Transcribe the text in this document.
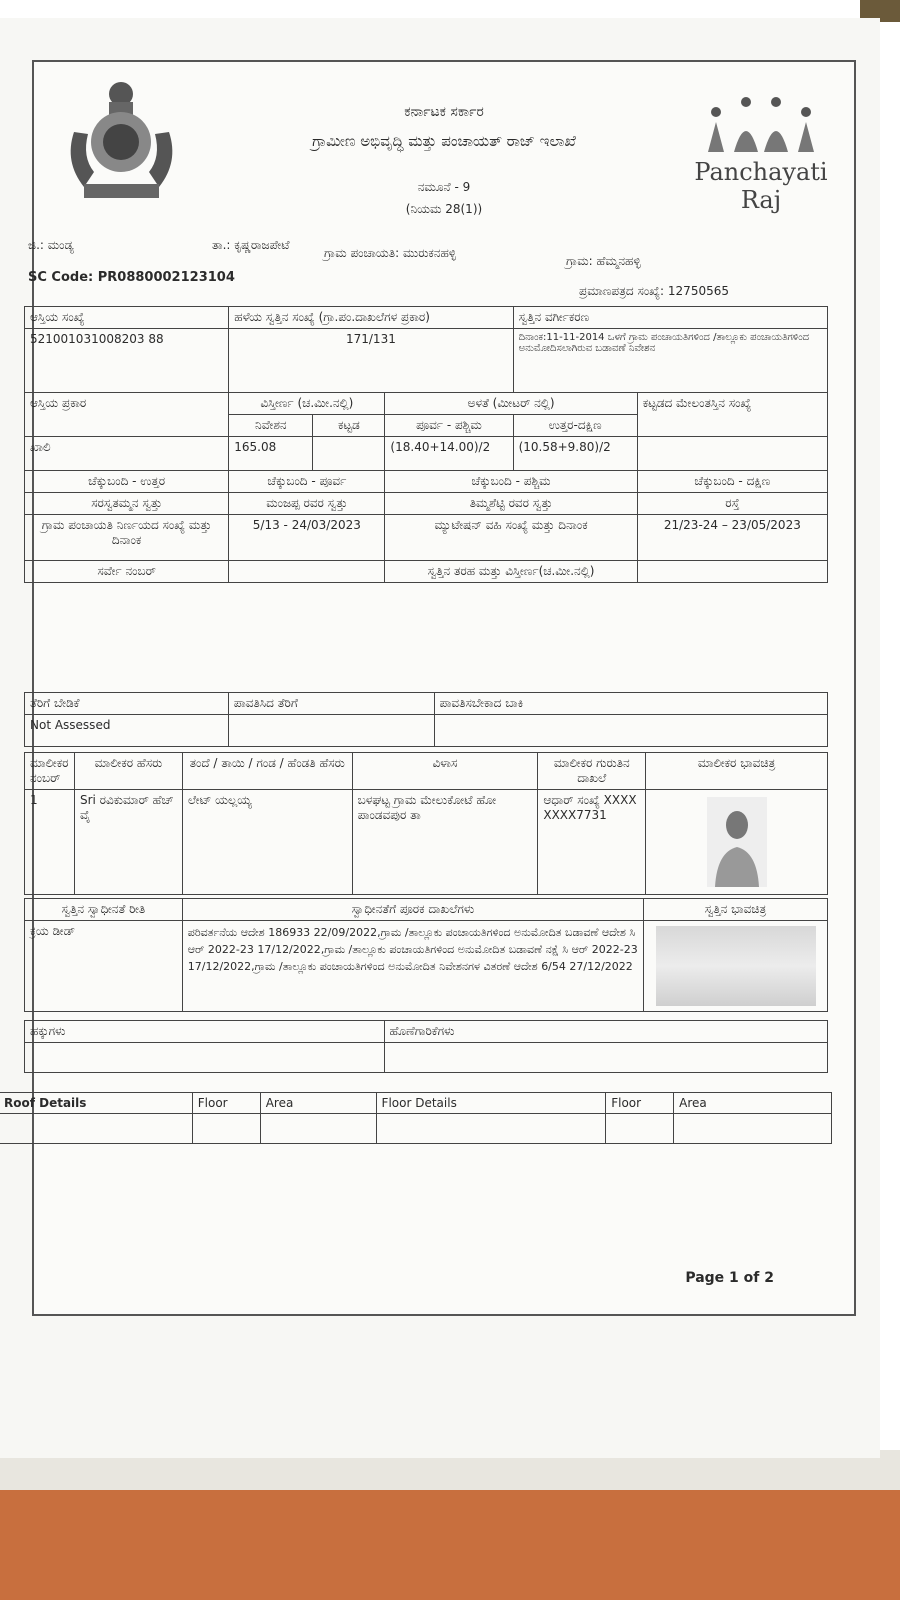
ಕರ್ನಾಟಕ ಸರ್ಕಾರ
ಗ್ರಾಮೀಣ ಅಭಿವೃದ್ಧಿ ಮತ್ತು ಪಂಚಾಯತ್ ರಾಜ್ ಇಲಾಖೆ
ನಮೂನೆ - 9
(ನಿಯಮ 28(1))
Panchayati Raj
ಜಿ.: ಮಂಡ್ಯ	ತಾ.: ಕೃಷ್ಣರಾಜಪೇಟೆ
ಗ್ರಾಮ ಪಂಚಾಯತಿ: ಮುರುಕನಹಳ್ಳಿ
ಗ್ರಾಮ: ಹೆಮ್ಮನಹಳ್ಳಿ
SC Code: PR0880002123104
ಪ್ರಮಾಣಪತ್ರದ ಸಂಖ್ಯೆ: 12750565
ಆಸ್ತಿಯ ಸಂಖ್ಯೆ	ಹಳೆಯ ಸ್ವತ್ತಿನ ಸಂಖ್ಯೆ (ಗ್ರಾ.ಪಂ.ದಾಖಲೆಗಳ ಪ್ರಕಾರ)			ಸ್ವತ್ತಿನ ವರ್ಗೀಕರಣ	
521001031008203 88	171/131			ದಿನಾಂಕ:11-11-2014 ಒಳಗೆ ಗ್ರಾಮ ಪಂಚಾಯತಿಗಳಿಂದ /ತಾಲ್ಲೂಕು ಪಂಚಾಯತಿಗಳಿಂದ ಅನುಮೋದಿಸಲಾಗಿರುವ ಬಡಾವಣೆ ನಿವೇಶನ	
ಆಸ್ತಿಯ ಪ್ರಕಾರ	ವಿಸ್ತೀರ್ಣ (ಚ.ಮೀ.ನಲ್ಲಿ)		ಅಳತೆ (ಮೀಟರ್ ನಲ್ಲಿ)		ಕಟ್ಟಡದ ಮೇಲಂತಸ್ತಿನ ಸಂಖ್ಯೆ
	ನಿವೇಶನ	ಕಟ್ಟಡ	ಪೂರ್ವ - ಪಶ್ಚಿಮ	ಉತ್ತರ-ದಕ್ಷಿಣ	
ಖಾಲಿ	165.08		(18.40+14.00)/2	(10.58+9.80)/2	
ಚೆಕ್ಕುಬಂದಿ - ಉತ್ತರ	ಚೆಕ್ಕುಬಂದಿ - ಪೂರ್ವ		ಚೆಕ್ಕುಬಂದಿ - ಪಶ್ಚಿಮ		ಚೆಕ್ಕುಬಂದಿ - ದಕ್ಷಿಣ
ಸರಸ್ವತಮ್ಮನ ಸ್ವತ್ತು	ಮಂಜಪ್ಪ ರವರ ಸ್ವತ್ತು		ತಿಮ್ಮಶೆಟ್ಟಿ ರವರ ಸ್ವತ್ತು		ರಸ್ತೆ
ಗ್ರಾಮ ಪಂಚಾಯತಿ ನಿರ್ಣಯದ ಸಂಖ್ಯೆ ಮತ್ತು ದಿನಾಂಕ	5/13 - 24/03/2023		ಮ್ಯುಟೇಷನ್ ವಹಿ ಸಂಖ್ಯೆ ಮತ್ತು ದಿನಾಂಕ		21/23-24 – 23/05/2023
ಸರ್ವೇ ನಂಬರ್			ಸ್ವತ್ತಿನ ತರಹ ಮತ್ತು ವಿಸ್ತೀರ್ಣ(ಚ.ಮೀ.ನಲ್ಲಿ)		
ತೆರಿಗೆ ಬೇಡಿಕೆ	ಪಾವತಿಸಿದ ತೆರಿಗೆ	ಪಾವತಿಸಬೇಕಾದ ಬಾಕಿ
Not Assessed		
ಮಾಲೀಕರ ನಂಬರ್	ಮಾಲೀಕರ ಹೆಸರು	ತಂದೆ / ತಾಯಿ / ಗಂಡ / ಹೆಂಡತಿ ಹೆಸರು	ವಿಳಾಸ	ಮಾಲೀಕರ ಗುರುತಿನ ದಾಖಲೆ	ಮಾಲೀಕರ ಭಾವಚಿತ್ರ
1	Sri ರವಿಕುಮಾರ್ ಹೆಚ್ ವೈ	ಲೇಟ್ ಯಲ್ಲಯ್ಯ	ಬಳಘಟ್ಟ ಗ್ರಾಮ ಮೇಲುಕೋಟೆ ಹೋ ಪಾಂಡವಪುರ ತಾ	ಆಧಾರ್ ಸಂಖ್ಯೆ XXXXXXXX7731	
ಸ್ವತ್ತಿನ ಸ್ವಾಧೀನತೆ ರೀತಿ	ಸ್ವಾಧೀನತೆಗೆ ಪೂರಕ ದಾಖಲೆಗಳು	ಸ್ವತ್ತಿನ ಭಾವಚಿತ್ರ
ಕ್ರಯ ಡೀಡ್	ಪರಿವರ್ತನೆಯ ಆದೇಶ 186933 22/09/2022,ಗ್ರಾಮ /ತಾಲ್ಲೂಕು ಪಂಚಾಯತಿಗಳಿಂದ ಅನುಮೋದಿತ ಬಡಾವಣೆ ಆದೇಶ ಸಿ ಆರ್ 2022-23 17/12/2022,ಗ್ರಾಮ /ತಾಲ್ಲೂಕು ಪಂಚಾಯತಿಗಳಿಂದ ಅನುಮೋದಿತ ಬಡಾವಣೆ ನಕ್ಷೆ ಸಿ ಆರ್ 2022-23 17/12/2022,ಗ್ರಾಮ /ತಾಲ್ಲೂಕು ಪಂಚಾಯತಿಗಳಿಂದ ಅನುಮೋದಿತ ನಿವೇಶನಗಳ ವಿತರಣೆ ಆದೇಶ 6/54 27/12/2022	
ಹಕ್ಕುಗಳು	ಹೊಣೆಗಾರಿಕೆಗಳು

Roof Details	Floor	Area	Floor Details	Floor	Area

Page 1 of 2
